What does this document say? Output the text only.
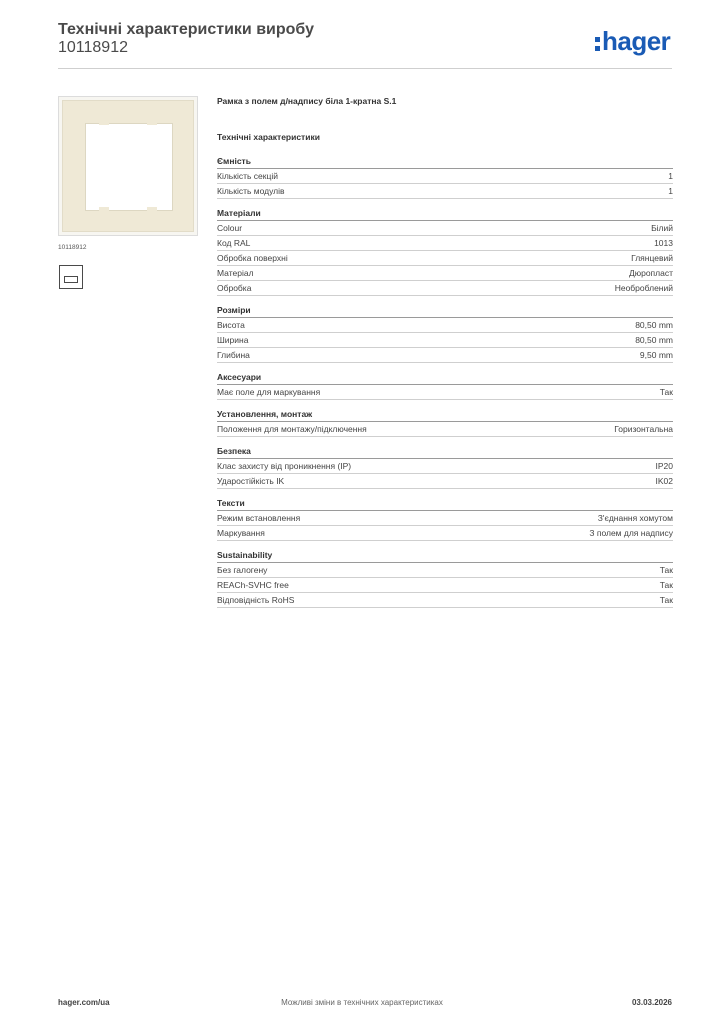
Технічні характеристики виробу
10118912	hager
10118912
Рамка з полем д/надпису біла 1-кратна S.1
Технічні характеристики
Ємність
Кількість секцій	1
Кількість модулів	1
Матеріали
Colour	Білий
Код RAL	1013
Обробка поверхні	Глянцевий
Матеріал	Дюропласт
Обробка	Необроблений
Розміри
Висота	80,50 mm
Ширина	80,50 mm
Глибина	9,50 mm
Аксесуари
Має поле для маркування	Так
Установлення, монтаж
Положення для монтажу/підключення	Горизонтальна
Безпека
Клас захисту від проникнення (IP)	IP20
Ударостійкість IK	IK02
Тексти
Режим встановлення	З'єднання хомутом
Маркування	З полем для надпису
Sustainability
Без галогену	Так
REACh-SVHC free	Так
Відповідність RoHS	Так
hager.com/ua	Можливі зміни в технічних характеристиках	03.03.2026
